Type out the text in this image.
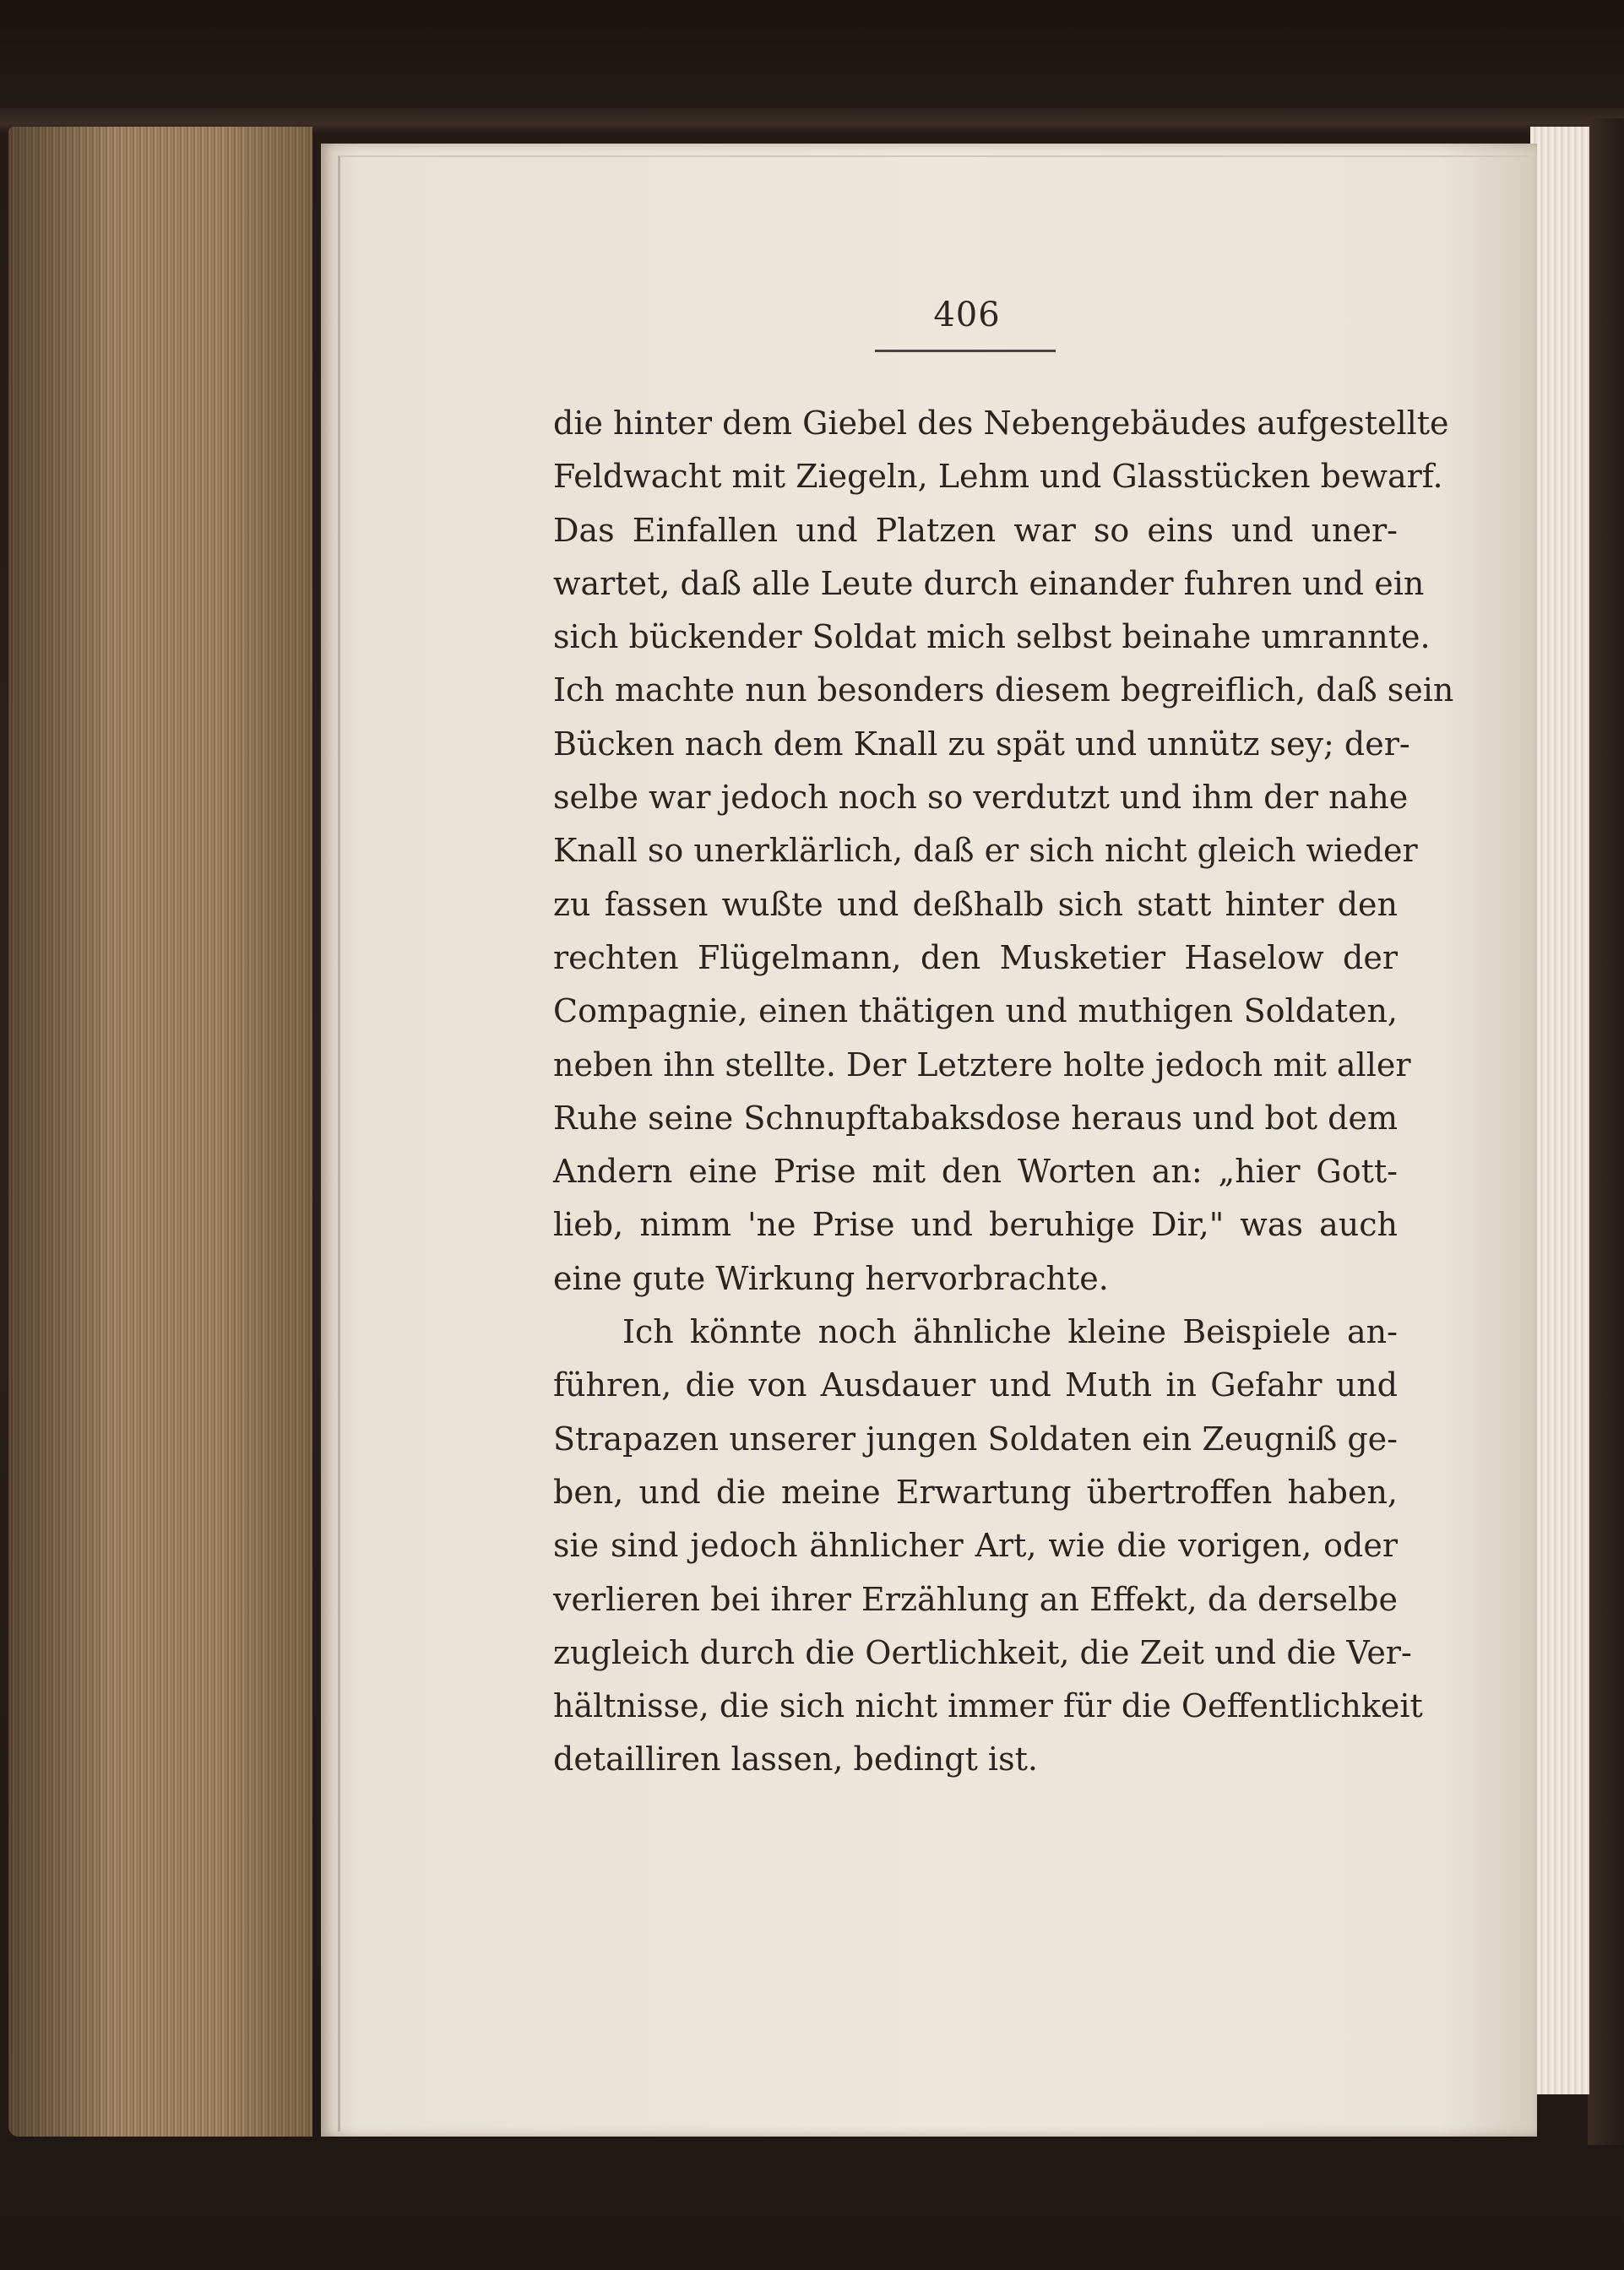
406
die hinter dem Giebel des Nebengebäudes aufgestellte
Feldwacht mit Ziegeln, Lehm und Glasstücken bewarf.
Das Einfallen und Platzen war so eins und uner-
wartet, daß alle Leute durch einander fuhren und ein
sich bückender Soldat mich selbst beinahe umrannte.
Ich machte nun besonders diesem begreiflich, daß sein
Bücken nach dem Knall zu spät und unnütz sey; der-
selbe war jedoch noch so verdutzt und ihm der nahe
Knall so unerklärlich, daß er sich nicht gleich wieder
zu fassen wußte und deßhalb sich statt hinter den
rechten Flügelmann, den Musketier Haselow der
Compagnie, einen thätigen und muthigen Soldaten,
neben ihn stellte. Der Letztere holte jedoch mit aller
Ruhe seine Schnupftabaksdose heraus und bot dem
Andern eine Prise mit den Worten an: „hier Gott-
lieb, nimm 'ne Prise und beruhige Dir," was auch
eine gute Wirkung hervorbrachte.
Ich könnte noch ähnliche kleine Beispiele an-
führen, die von Ausdauer und Muth in Gefahr und
Strapazen unserer jungen Soldaten ein Zeugniß ge-
ben, und die meine Erwartung übertroffen haben,
sie sind jedoch ähnlicher Art, wie die vorigen, oder
verlieren bei ihrer Erzählung an Effekt, da derselbe
zugleich durch die Oertlichkeit, die Zeit und die Ver-
hältnisse, die sich nicht immer für die Oeffentlichkeit
detailliren lassen, bedingt ist.
